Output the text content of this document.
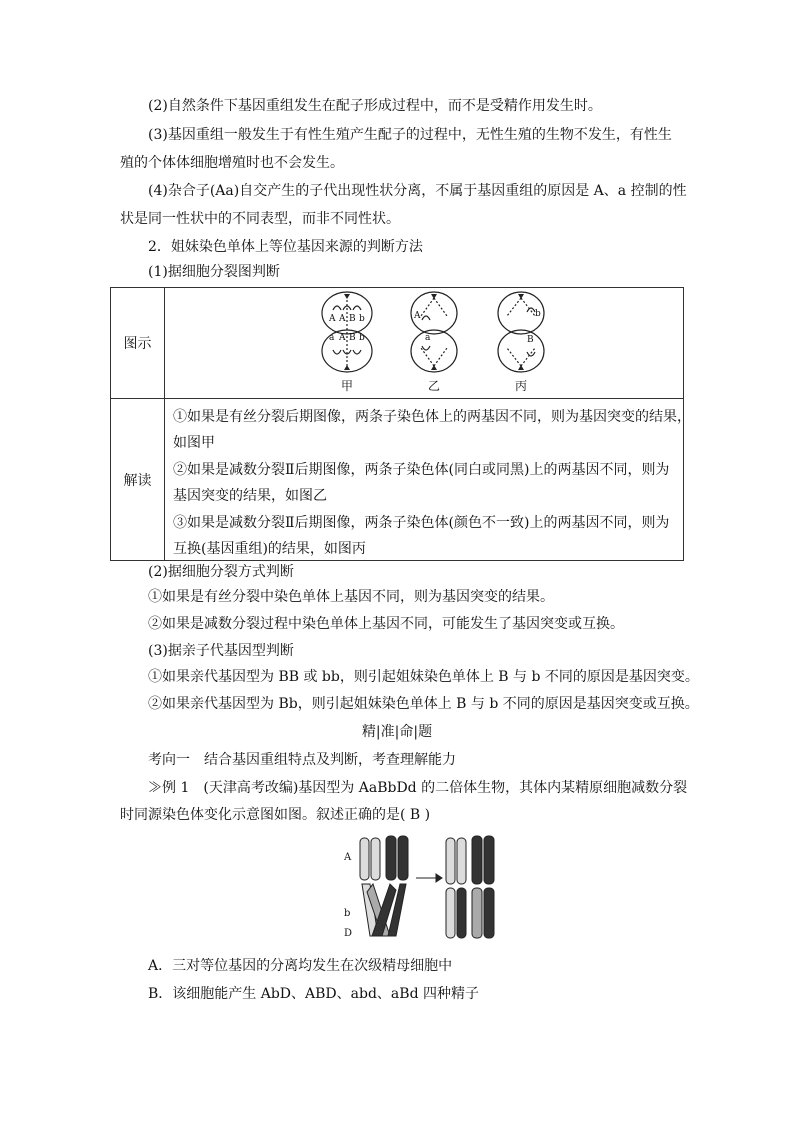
(2)自然条件下基因重组发生在配子形成过程中，而不是受精作用发生时。
(3)基因重组一般发生于有性生殖产生配子的过程中，无性生殖的生物不发生，有性生
殖的个体体细胞增殖时也不会发生。
(4)杂合子(Aa)自交产生的子代出现性状分离，不属于基因重组的原因是 A、a 控制的性
状是同一性状中的不同表型，而非不同性状。
2．姐妹染色单体上等位基因来源的判断方法
(1)据细胞分裂图判断
图示
A A B b
a A B b
A
a
b
B
甲	乙	丙
解读
①如果是有丝分裂后期图像，两条子染色体上的两基因不同，则为基因突变的结果，
如图甲
②如果是减数分裂Ⅱ后期图像，两条子染色体(同白或同黑)上的两基因不同，则为
基因突变的结果，如图乙
③如果是减数分裂Ⅱ后期图像，两条子染色体(颜色不一致)上的两基因不同，则为
互换(基因重组)的结果，如图丙
(2)据细胞分裂方式判断
①如果是有丝分裂中染色单体上基因不同，则为基因突变的结果。
②如果是减数分裂过程中染色单体上基因不同，可能发生了基因突变或互换。
(3)据亲子代基因型判断
①如果亲代基因型为 BB 或 bb，则引起姐妹染色单体上 B 与 b 不同的原因是基因突变。
②如果亲代基因型为 Bb，则引起姐妹染色单体上 B 与 b 不同的原因是基因突变或互换。
精|准|命|题
考向一　结合基因重组特点及判断，考查理解能力
≫例 1　(天津高考改编)基因型为 AaBbDd 的二倍体生物，其体内某精原细胞减数分裂
时同源染色体变化示意图如图。叙述正确的是( B )
A
b
D
A．三对等位基因的分离均发生在次级精母细胞中
B．该细胞能产生 AbD、ABD、abd、aBd 四种精子
